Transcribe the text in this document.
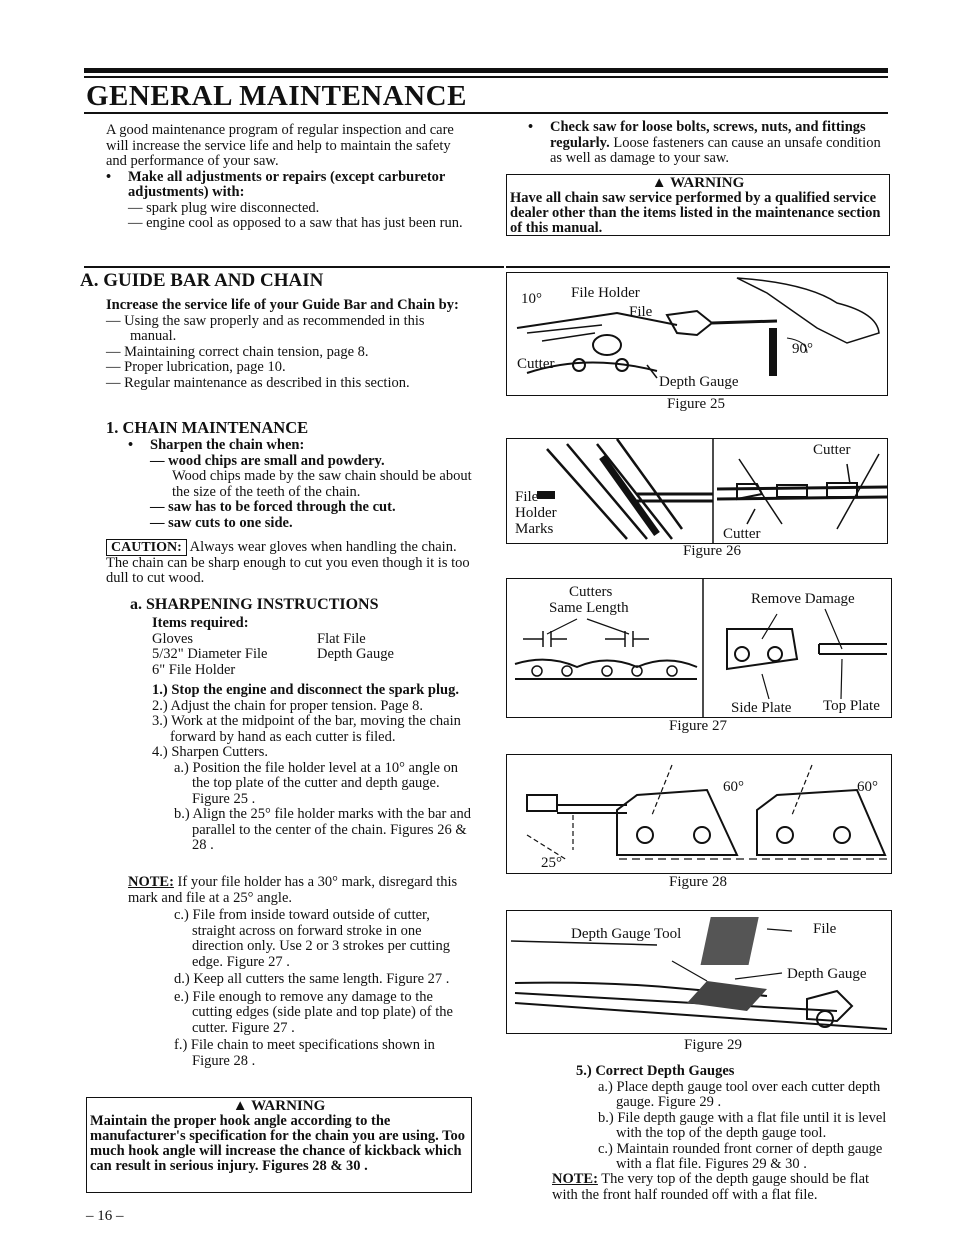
GENERAL MAINTENANCE

A good maintenance program of regular inspection and care will increase the service life and help to maintain the safety and performance of your saw.

•	Make all adjustments or repairs (except carburetor adjustments) with:

— spark plug wire disconnected.

— engine cool as opposed to a saw that has just been run.

•	Check saw for loose bolts, screws, nuts, and fittings regularly. Loose fasteners can cause an unsafe condition as well as damage to your saw.
▲ WARNING
Have all chain saw service performed by a qualified service dealer other than the items listed in the maintenance section of this manual.
A. GUIDE BAR AND CHAIN

Increase the service life of your Guide Bar and Chain by:

— Using the saw properly and as recommended in this manual.

— Maintaining correct chain tension, page 8.

— Proper lubrication, page 10.

— Regular maintenance as described in this section.

1. CHAIN MAINTENANCE
•	Sharpen the chain when:

— wood chips are small and powdery.

Wood chips made by the saw chain should be about the size of the teeth of the chain.

— saw has to be forced through the cut.

— saw cuts to one side.

CAUTION: Always wear gloves when handling the chain. The chain can be sharp enough to cut you even though it is too dull to cut wood.

a. SHARPENING INSTRUCTIONS

Items required:

Gloves	Flat File
5/32" Diameter File	Depth Gauge
6" File Holder

1.) Stop the engine and disconnect the spark plug.

2.) Adjust the chain for proper tension. Page 8.

3.) Work at the midpoint of the bar, moving the chain forward by hand as each cutter is filed.

4.) Sharpen Cutters.

a.) Position the file holder level at a 10° angle on the top plate of the cutter and depth gauge. Figure 25 .

b.) Align the 25° file holder marks with the bar and parallel to the center of the chain. Figures 26 & 28 .

NOTE: If your file holder has a 30° mark, disregard this mark and file at a 25° angle.

c.) File from inside toward outside of cutter, straight across on forward stroke in one direction only. Use 2 or 3 strokes per cutting edge. Figure 27 .

d.) Keep all cutters the same length. Figure 27 .

e.) File enough to remove any damage to the cutting edges (side plate and top plate) of the cutter. Figure 27 .

f.) File chain to meet specifications shown in Figure 28 .

▲ WARNING
Maintain the proper hook angle according to the manufacturer's specification for the chain you are using. Too much hook angle will increase the chance of kickback which can result in serious injury. Figures 28 & 30 .

5.) Correct Depth Gauges

a.) Place depth gauge tool over each cutter depth gauge. Figure 29 .

b.) File depth gauge with a flat file until it is level with the top of the depth gauge tool.

c.) Maintain rounded front corner of depth gauge with a flat file. Figures 29 & 30 .

NOTE: The very top of the depth gauge should be flat with the front half rounded off with a flat file.

10° File Holder
File
Cutter
Depth Gauge
90°
Figure 25
File
Holder
Marks
Cutter
Cutter
Figure 26
Cutters
Same Length
Remove Damage
Side Plate Top Plate
Figure 27
60°	60°
25°
Figure 28
Depth Gauge Tool	File
Depth Gauge
Figure 29
– 16 –
